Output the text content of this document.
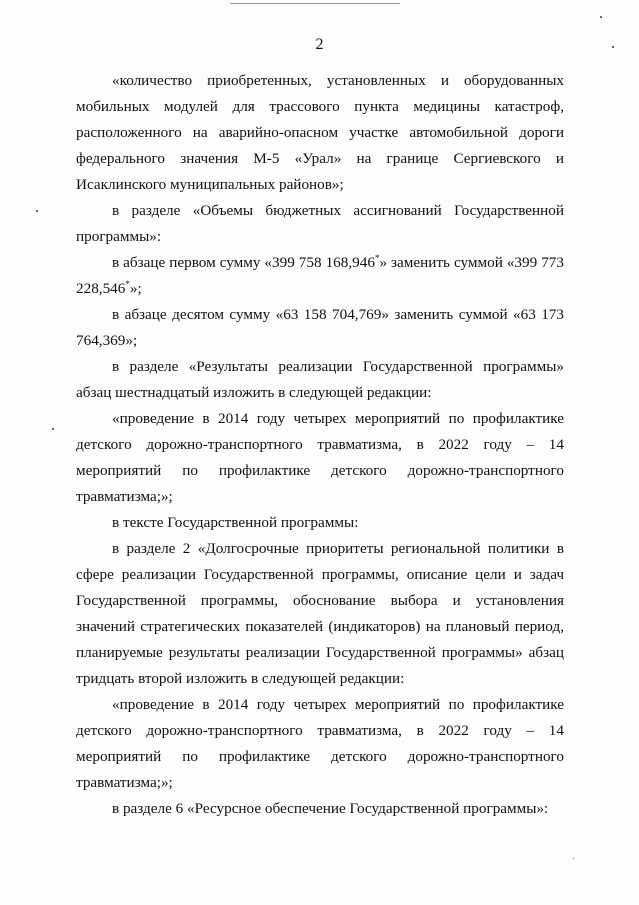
2

«количество приобретенных, установленных и оборудованных мобильных модулей для трассового пункта медицины катастроф, расположенного на аварийно-опасном участке автомобильной дороги федерального значения М-5 «Урал» на границе Сергиевского и Исаклинского муниципальных районов»;

в разделе «Объемы бюджетных ассигнований Государственной программы»:

в абзаце первом сумму «399 758 168,946*» заменить суммой «399 773 228,546*»;

в абзаце десятом сумму «63 158 704,769» заменить суммой «63 173 764,369»;

в разделе «Результаты реализации Государственной программы» абзац шестнадцатый изложить в следующей редакции:

«проведение в 2014 году четырех мероприятий по профилактике детского дорожно-транспортного травматизма, в 2022 году – 14 мероприятий по профилактике детского дорожно-транспортного травматизма;»;

в тексте Государственной программы:

в разделе 2 «Долгосрочные приоритеты региональной политики в сфере реализации Государственной программы, описание цели и задач Государственной программы, обоснование выбора и установления значений стратегических показателей (индикаторов) на плановый период, планируемые результаты реализации Государственной программы» абзац тридцать второй изложить в следующей редакции:

«проведение в 2014 году четырех мероприятий по профилактике детского дорожно-транспортного травматизма, в 2022 году – 14 мероприятий по профилактике детского дорожно-транспортного травматизма;»;

в разделе 6 «Ресурсное обеспечение Государственной программы»:
